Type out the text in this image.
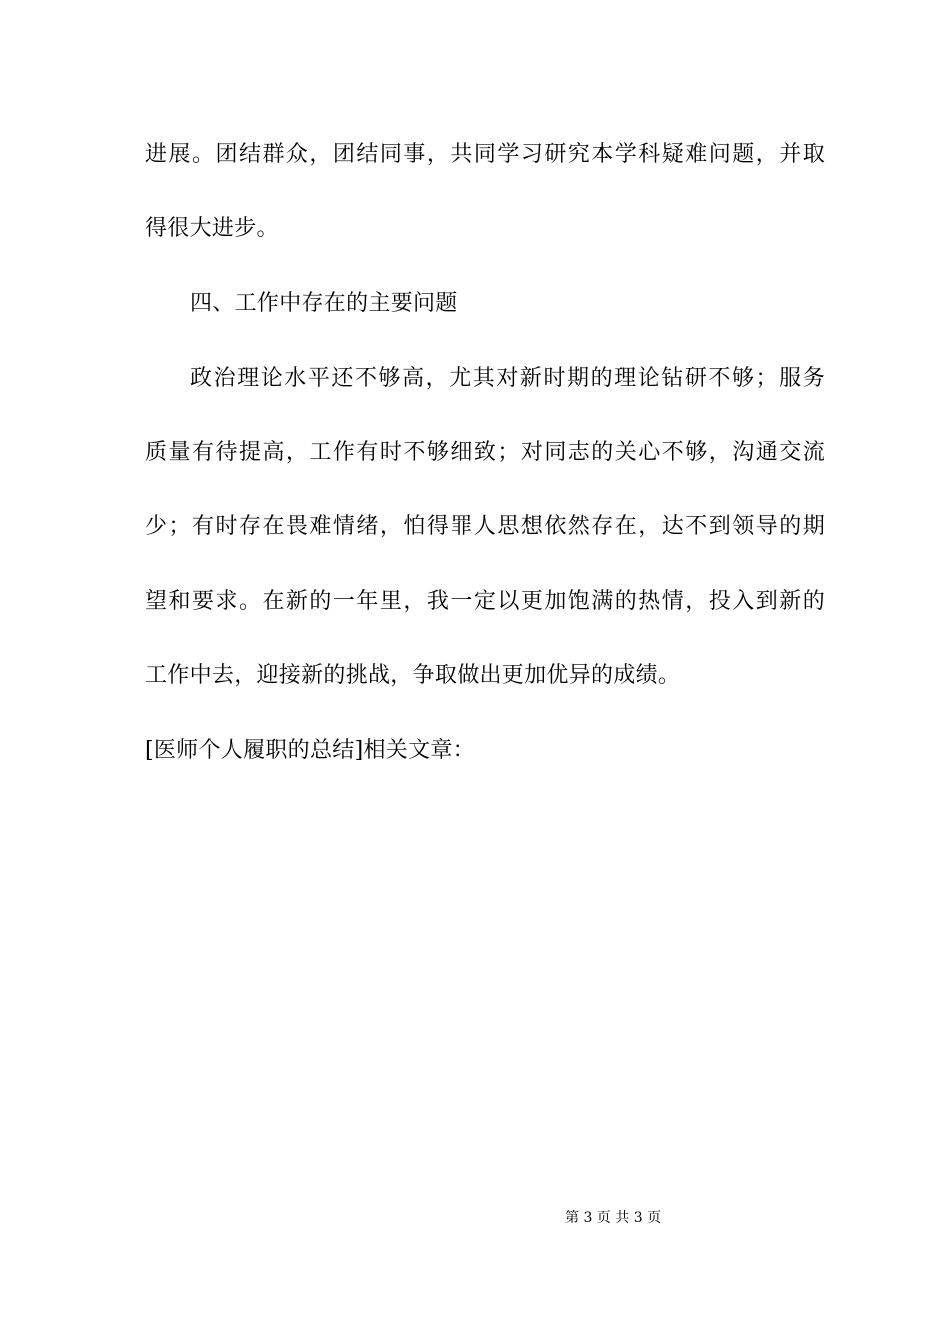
进展。团结群众，团结同事，共同学习研究本学科疑难问题，并取
得很大进步。
四、工作中存在的主要问题
政治理论水平还不够高，尤其对新时期的理论钻研不够；服务
质量有待提高，工作有时不够细致；对同志的关心不够，沟通交流
少；有时存在畏难情绪，怕得罪人思想依然存在，达不到领导的期
望和要求。在新的一年里，我一定以更加饱满的热情，投入到新的
工作中去，迎接新的挑战，争取做出更加优异的成绩。
[医师个人履职的总结]相关文章：
第 3 页 共 3 页
